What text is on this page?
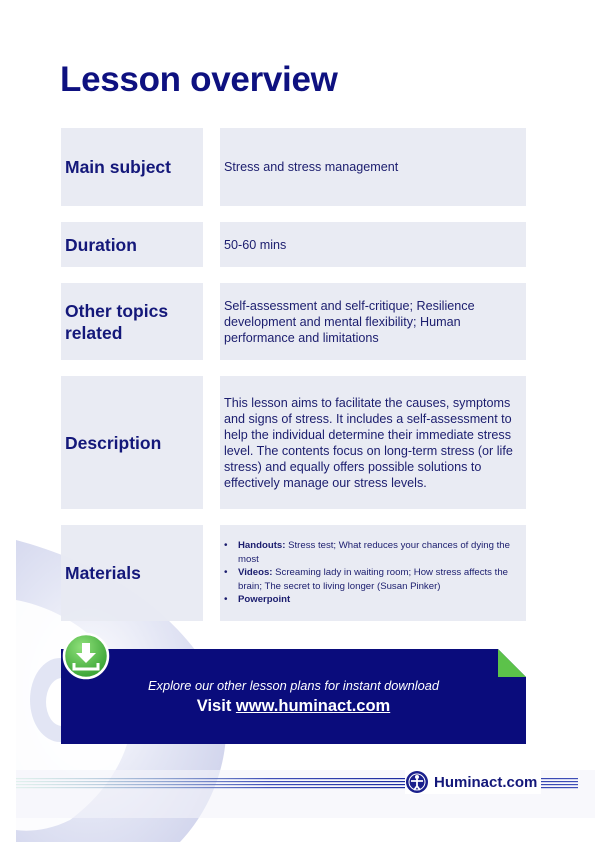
Lesson overview
Main subject	Stress and stress management
Duration	50-60 mins
Other topics related
Self-assessment and self-critique; Resilience development and mental flexibility; Human performance and limitations
Description
This lesson aims to facilitate the causes, symptoms and signs of stress. It includes a self-assessment to help the individual determine their immediate stress level. The contents focus on long-term stress (or life stress) and equally offers possible solutions to effectively manage our stress levels.
Materials
• Handouts: Stress test; What reduces your chances of dying the most
• Videos: Screaming lady in waiting room; How stress affects the brain; The secret to living longer (Susan Pinker)
• Powerpoint
Explore our other lesson plans for instant download
Visit www.huminact.com
Huminact.com
